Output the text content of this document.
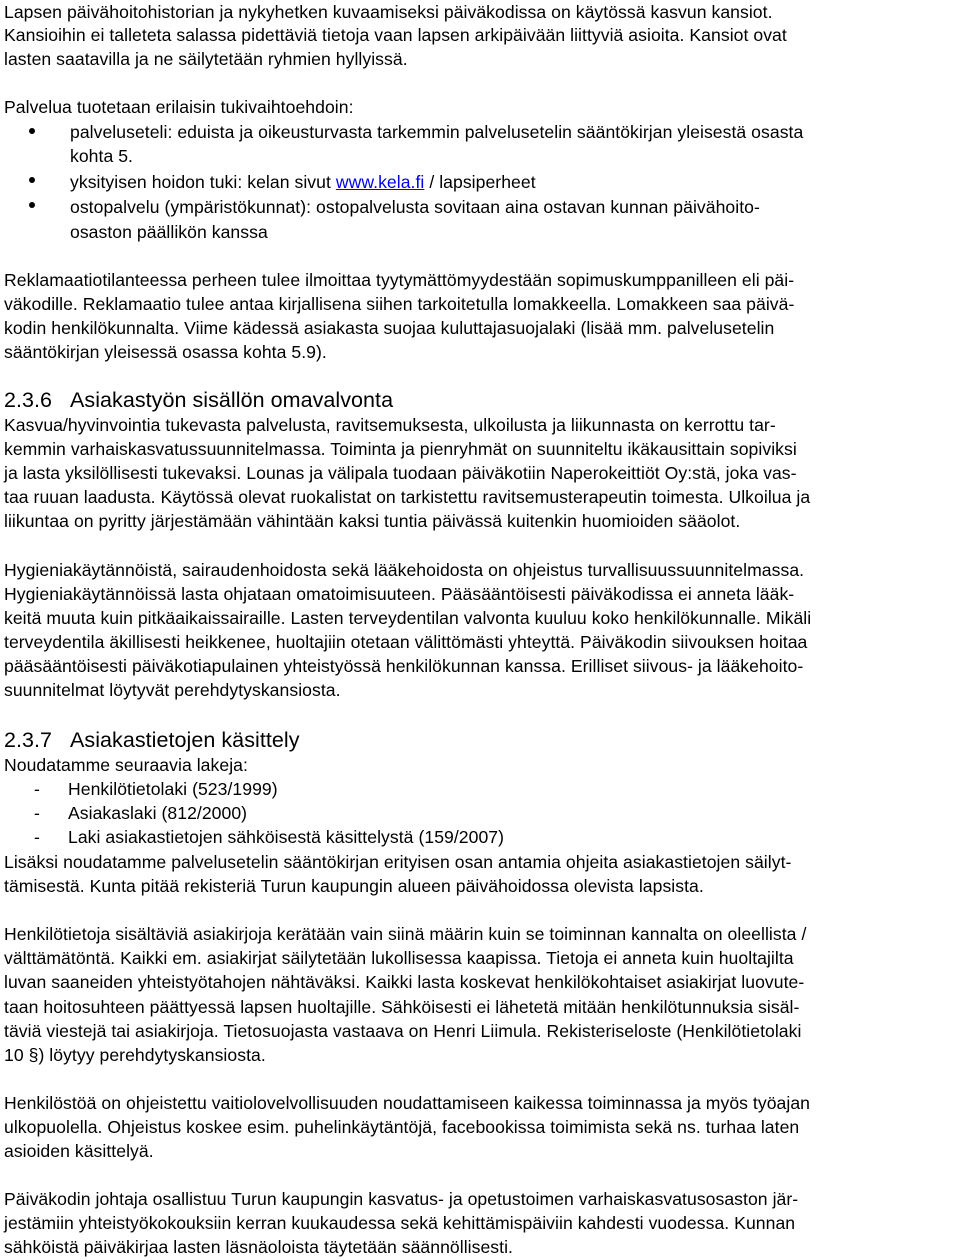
Lapsen päivähoitohistorian ja nykyhetken kuvaamiseksi päiväkodissa on käytössä kasvun kansiot.
Kansioihin ei talleteta salassa pidettäviä tietoja vaan lapsen arkipäivään liittyviä asioita. Kansiot ovat
lasten saatavilla ja ne säilytetään ryhmien hyllyissä.
Palvelua tuotetaan erilaisin tukivaihtoehdoin:
palveluseteli: eduista ja oikeusturvasta tarkemmin palvelusetelin sääntökirjan yleisestä osasta
kohta 5.
yksityisen hoidon tuki: kelan sivut www.kela.fi / lapsiperheet
ostopalvelu (ympäristökunnat): ostopalvelusta sovitaan aina ostavan kunnan päivähoito-
osaston päällikön kanssa
Reklamaatiotilanteessa perheen tulee ilmoittaa tyytymättömyydestään sopimuskumppanilleen eli päi-
väkodille. Reklamaatio tulee antaa kirjallisena siihen tarkoitetulla lomakkeella. Lomakkeen saa päivä-
kodin henkilökunnalta. Viime kädessä asiakasta suojaa kuluttajasuojalaki (lisää mm. palvelusetelin
sääntökirjan yleisessä osassa kohta 5.9).
2.3.6 Asiakastyön sisällön omavalvonta
Kasvua/hyvinvointia tukevasta palvelusta, ravitsemuksesta, ulkoilusta ja liikunnasta on kerrottu tar-
kemmin varhaiskasvatussuunnitelmassa. Toiminta ja pienryhmät on suunniteltu ikäkausittain sopiviksi
ja lasta yksilöllisesti tukevaksi. Lounas ja välipala tuodaan päiväkotiin Naperokeittiöt Oy:stä, joka vas-
taa ruuan laadusta. Käytössä olevat ruokalistat on tarkistettu ravitsemusterapeutin toimesta. Ulkoilua ja
liikuntaa on pyritty järjestämään vähintään kaksi tuntia päivässä kuitenkin huomioiden sääolot.
Hygieniakäytännöistä, sairaudenhoidosta sekä lääkehoidosta on ohjeistus turvallisuussuunnitelmassa.
Hygieniakäytännöissä lasta ohjataan omatoimisuuteen. Pääsääntöisesti päiväkodissa ei anneta lääk-
keitä muuta kuin pitkäaikaissairaille. Lasten terveydentilan valvonta kuuluu koko henkilökunnalle. Mikäli
terveydentila äkillisesti heikkenee, huoltajiin otetaan välittömästi yhteyttä. Päiväkodin siivouksen hoitaa
pääsääntöisesti päiväkotiapulainen yhteistyössä henkilökunnan kanssa. Erilliset siivous- ja lääkehoito-
suunnitelmat löytyvät perehdytyskansiosta.
2.3.7 Asiakastietojen käsittely
Noudatamme seuraavia lakeja:
- Henkilötietolaki (523/1999)
- Asiakaslaki (812/2000)
- Laki asiakastietojen sähköisestä käsittelystä (159/2007)
Lisäksi noudatamme palvelusetelin sääntökirjan erityisen osan antamia ohjeita asiakastietojen säilyt-
tämisestä. Kunta pitää rekisteriä Turun kaupungin alueen päivähoidossa olevista lapsista.
Henkilötietoja sisältäviä asiakirjoja kerätään vain siinä määrin kuin se toiminnan kannalta on oleellista /
välttämätöntä. Kaikki em. asiakirjat säilytetään lukollisessa kaapissa. Tietoja ei anneta kuin huoltajilta
luvan saaneiden yhteistyötahojen nähtäväksi. Kaikki lasta koskevat henkilökohtaiset asiakirjat luovute-
taan hoitosuhteen päättyessä lapsen huoltajille. Sähköisesti ei lähetetä mitään henkilötunnuksia sisäl-
täviä viestejä tai asiakirjoja. Tietosuojasta vastaava on Henri Liimula. Rekisteriseloste (Henkilötietolaki
10 §) löytyy perehdytyskansiosta.
Henkilöstöä on ohjeistettu vaitiolovelvollisuuden noudattamiseen kaikessa toiminnassa ja myös työajan
ulkopuolella. Ohjeistus koskee esim. puhelinkäytäntöjä, facebookissa toimimista sekä ns. turhaa laten
asioiden käsittelyä.
Päiväkodin johtaja osallistuu Turun kaupungin kasvatus- ja opetustoimen varhaiskasvatusosaston jär-
jestämiin yhteistyökokouksiin kerran kuukaudessa sekä kehittämispäiviin kahdesti vuodessa. Kunnan
sähköistä päiväkirjaa lasten läsnäoloista täytetään säännöllisesti.
